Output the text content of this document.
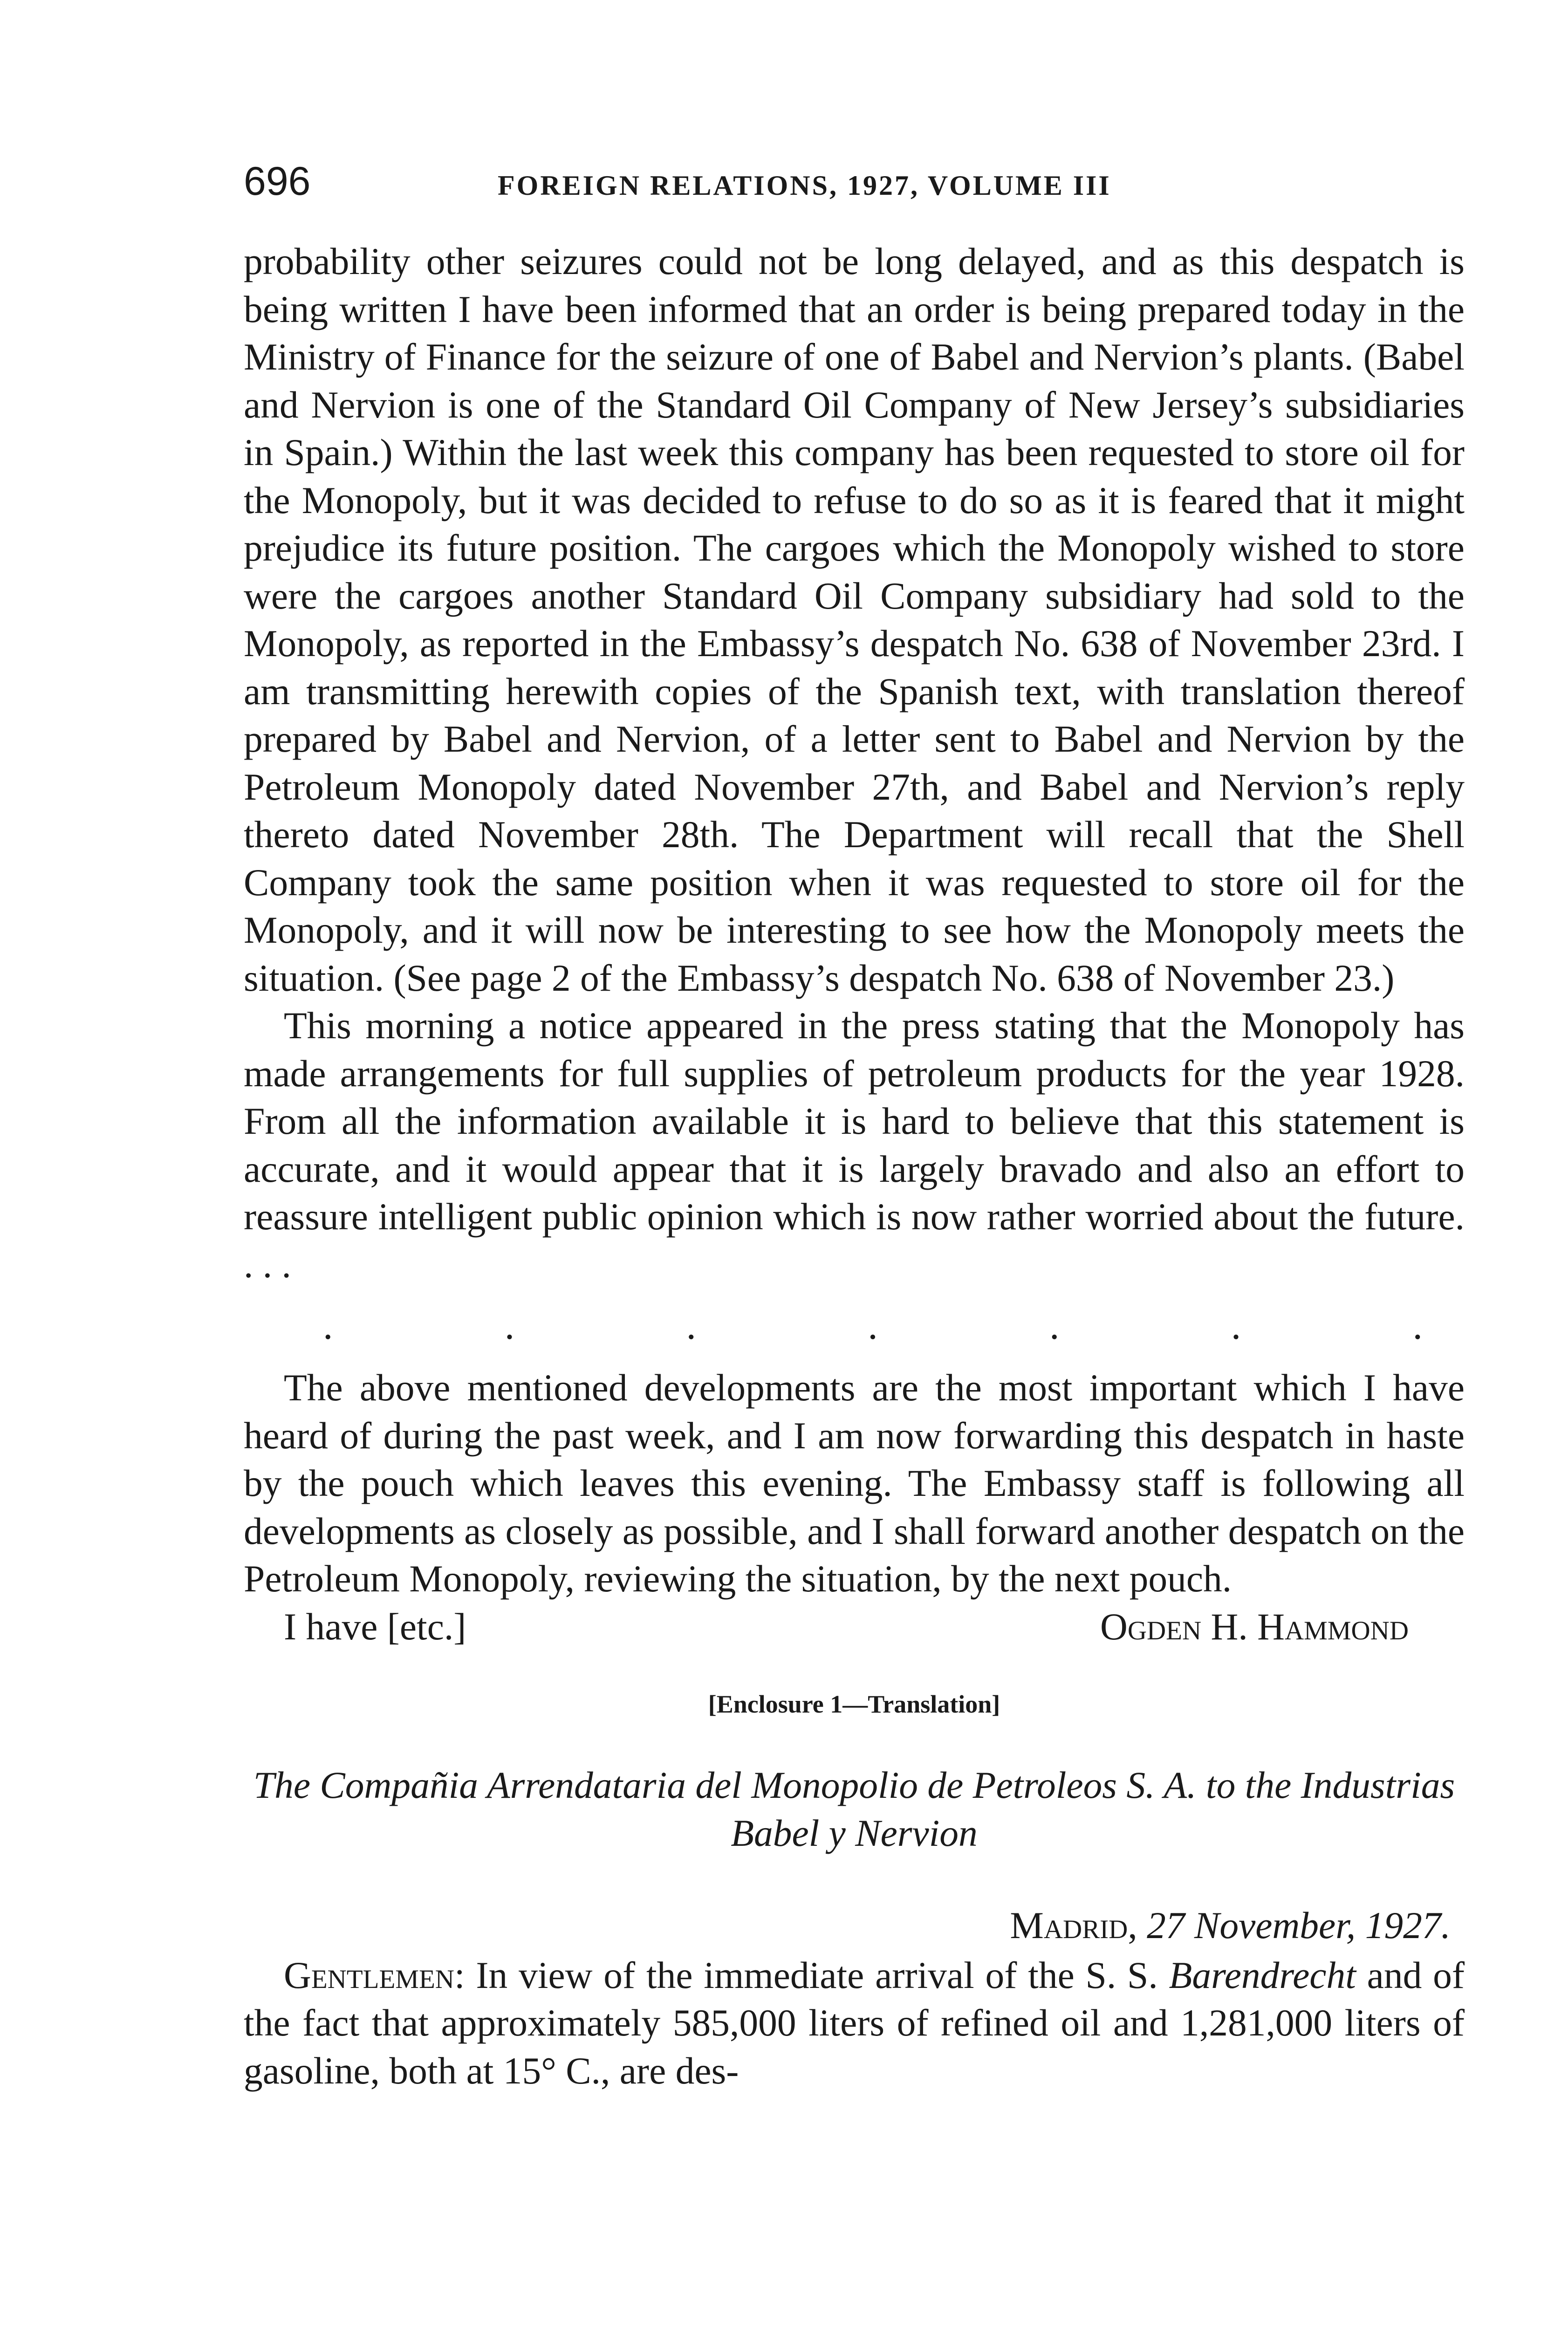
696	FOREIGN RELATIONS, 1927, VOLUME III

probability other seizures could not be long delayed, and as this despatch is being written I have been informed that an order is being prepared today in the Ministry of Finance for the seizure of one of Babel and Nervion’s plants. (Babel and Nervion is one of the Standard Oil Company of New Jersey’s subsidiaries in Spain.) Within the last week this company has been requested to store oil for the Monopoly, but it was decided to refuse to do so as it is feared that it might prejudice its future position. The cargoes which the Monopoly wished to store were the cargoes another Standard Oil Company subsidiary had sold to the Monopoly, as reported in the Embassy’s despatch No. 638 of November 23rd. I am transmitting herewith copies of the Spanish text, with translation thereof prepared by Babel and Nervion, of a letter sent to Babel and Nervion by the Petroleum Monopoly dated November 27th, and Babel and Nervion’s reply thereto dated November 28th. The Department will recall that the Shell Company took the same position when it was requested to store oil for the Monopoly, and it will now be interesting to see how the Monopoly meets the situation. (See page 2 of the Embassy’s despatch No. 638 of November 23.)

This morning a notice appeared in the press stating that the Monopoly has made arrangements for full supplies of petroleum products for the year 1928. From all the information available it is hard to believe that this statement is accurate, and it would appear that it is largely bravado and also an effort to reassure intelligent public opinion which is now rather worried about the future. . . .

.	.	.	.	.	.	.

The above mentioned developments are the most important which I have heard of during the past week, and I am now forwarding this despatch in haste by the pouch which leaves this evening. The Embassy staff is following all developments as closely as possible, and I shall forward another despatch on the Petroleum Monopoly, reviewing the situation, by the next pouch.

I have [etc.]	Ogden H. Hammond
[Enclosure 1—Translation]

The Compañia Arrendataria del Monopolio de Petroleos S. A. to the Industrias Babel y Nervion

Madrid, 27 November, 1927.

Gentlemen: In view of the immediate arrival of the S. S. Barendrecht and of the fact that approximately 585,000 liters of refined oil and 1,281,000 liters of gasoline, both at 15° C., are des-
